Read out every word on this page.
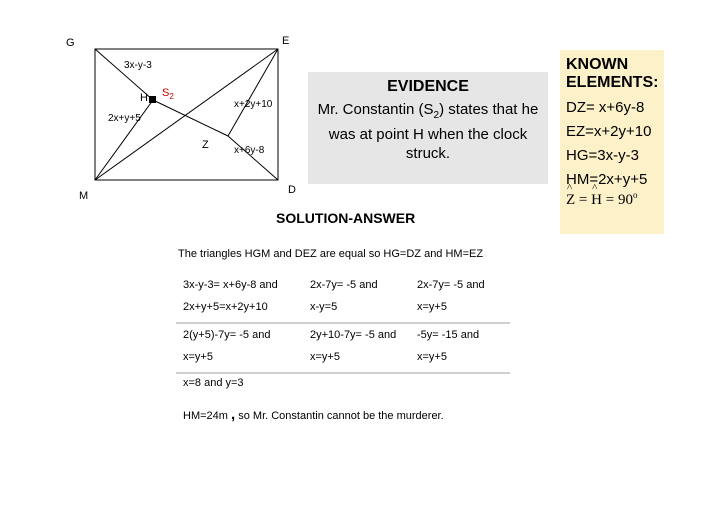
G	E
M	D
H
Z
$S_2$
3x-y-3
2x+y+5
x+2y+10
x+6y-8
EVIDENCE
Mr. Constantin $(S_2)$ states that he was at point H when the clock struck.
KNOWN ELEMENTS:
DZ= x+6y-8
EZ=x+2y+10
HG=3x-y-3
HM=2x+y+5
^ Z = ^ $H = 90^o$
SOLUTION-ANSWER
The triangles HGM and DEZ are equal so HG=DZ and HM=EZ
3x-y-3= x+6y-8 and	2x-7y= -5 and	2x-7y= -5 and
2x+y+5=x+2y+10	x-y=5	x=y+5

2(y+5)-7y= -5 and	2y+10-7y= -5 and	-5y= -15 and
x=y+5	x=y+5	x=y+5

x=8 and y=3
HM=24m , so Mr. Constantin cannot be the murderer.
